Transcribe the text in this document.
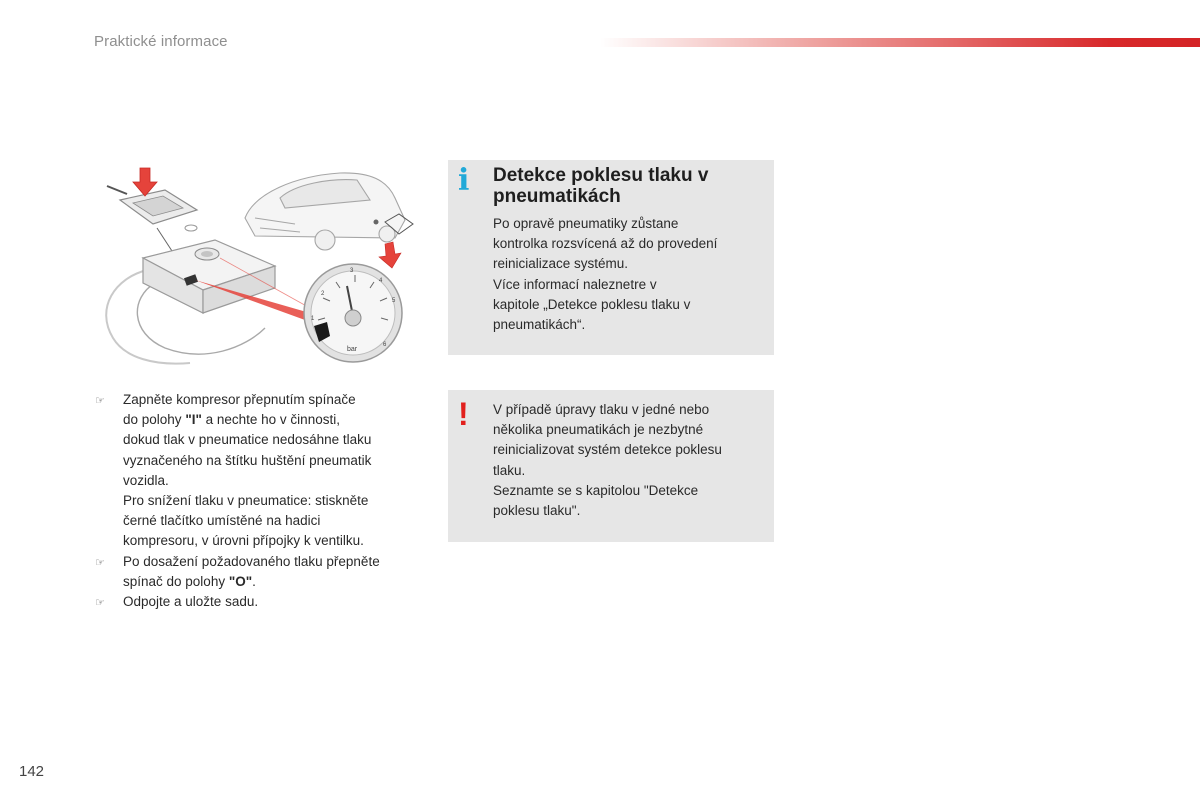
Praktické informace
1
2
3
4
5
6
bar
i Detekce poklesu tlaku v pneumatikách

Po opravě pneumatiky zůstane

kontrolka rozsvícená až do provedení

reinicializace systému.

Více informací naleznetre v

kapitole „Detekce poklesu tlaku v

pneumatikách“.

! V případě úpravy tlaku v jedné nebo

několika pneumatikách je nezbytné

reinicializovat systém detekce poklesu

tlaku.

Seznamte se s kapitolou "Detekce

poklesu tlaku".

☞ Zapněte kompresor přepnutím spínače

do polohy "I" a nechte ho v činnosti,

dokud tlak v pneumatice nedosáhne tlaku

vyznačeného na štítku huštění pneumatik

vozidla.

Pro snížení tlaku v pneumatice: stiskněte

černé tlačítko umístěné na hadici

kompresoru, v úrovni přípojky k ventilku.

☞ Po dosažení požadovaného tlaku přepněte

spínač do polohy "O".

☞ Odpojte a uložte sadu.

142
